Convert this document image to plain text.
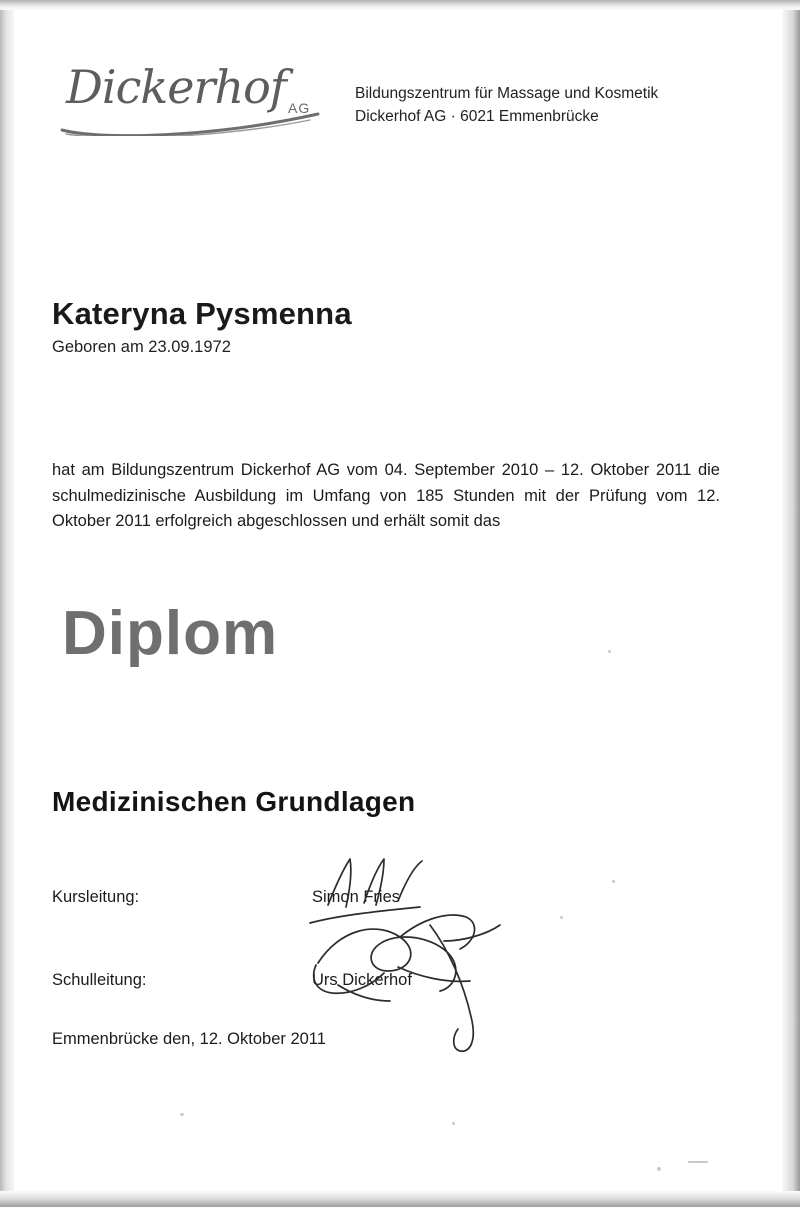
Dickerhof AG
Bildungszentrum für Massage und Kosmetik
Dickerhof AG · 6021 Emmenbrücke
Kateryna Pysmenna
Geboren am 23.09.1972
hat am Bildungszentrum Dickerhof AG vom 04. September 2010 – 12. Oktober 2011 die schulmedizinische Ausbildung im Umfang von 185 Stunden mit der Prüfung vom 12. Oktober 2011 erfolgreich abgeschlossen und erhält somit das
Diplom
Medizinischen Grundlagen
Kursleitung:	Simon Fries
Schulleitung:	Urs Dickerhof
Emmenbrücke den, 12. Oktober 2011
